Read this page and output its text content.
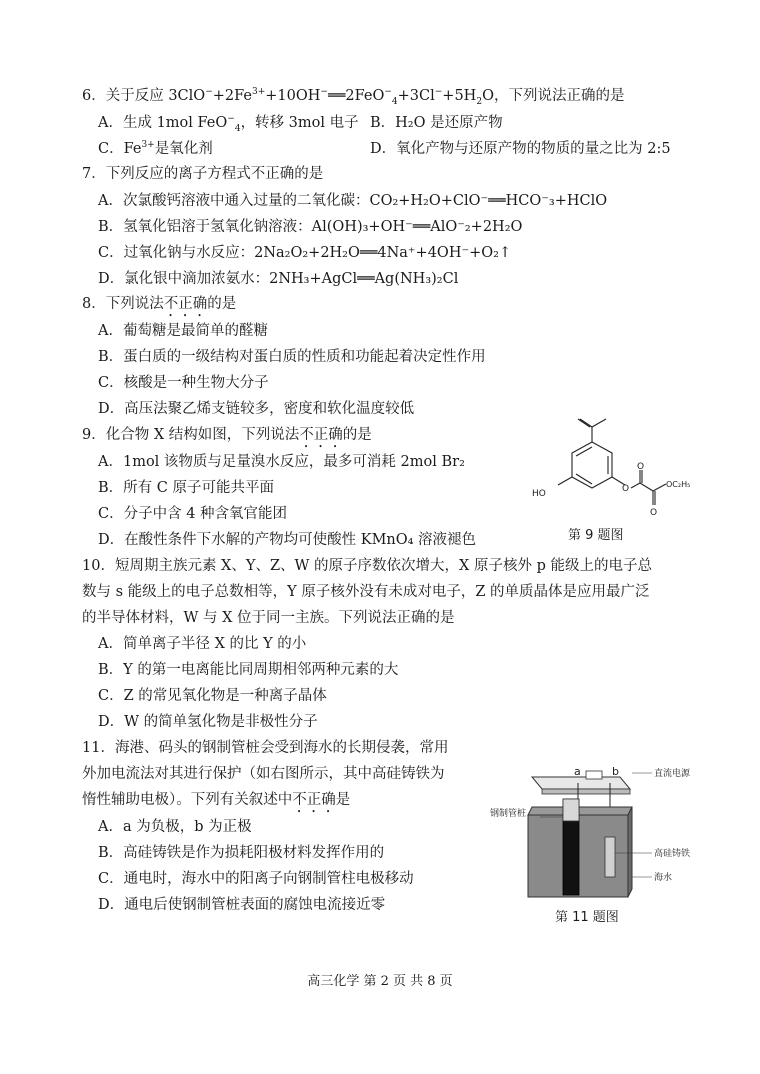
6．关于反应 $3ClO^-+2Fe^{3+}+10OH^-══2FeO^-_4+3Cl^-+5H_2O$，下列说法正确的是
A．生成 1mol FeO−$_4$，转移 3mol 电子 B．H₂O 是还原产物
C．$Fe^{3+}$是氧化剂	D．氧化产物与还原产物的物质的量之比为 2:5
7．下列反应的离子方程式不正确的是
A．次氯酸钙溶液中通入过量的二氧化碳：CO₂+H₂O+ClO⁻══HCO⁻₃+HClO
B．氢氧化铝溶于氢氧化钠溶液：Al(OH)₃+OH⁻══AlO⁻₂+2H₂O
C．过氧化钠与水反应：2Na₂O₂+2H₂O══4Na⁺+4OH⁻+O₂↑
D．氯化银中滴加浓氨水：2NH₃+AgCl══Ag(NH₃)₂Cl
8．下列说法不正确的是
A．葡萄糖是最简单的醛糖
B．蛋白质的一级结构对蛋白质的性质和功能起着决定性作用
C．核酸是一种生物大分子
D．高压法聚乙烯支链较多，密度和软化温度较低
9．化合物 X 结构如图，下列说法不正确的是
A．1mol 该物质与足量溴水反应，最多可消耗 2mol Br₂
B．所有 C 原子可能共平面
C．分子中含 4 种含氧官能团
D．在酸性条件下水解的产物均可使酸性 KMnO₄ 溶液褪色
O
O
O
OC₂H₅
HO
第 9 题图
10．短周期主族元素 X、Y、Z、W 的原子序数依次增大，X 原子核外 p 能级上的电子总
数与 s 能级上的电子总数相等，Y 原子核外没有未成对电子，Z 的单质晶体是应用最广泛
的半导体材料，W 与 X 位于同一主族。下列说法正确的是
A．简单离子半径 X 的比 Y 的小
B．Y 的第一电离能比同周期相邻两种元素的大
C．Z 的常见氧化物是一种离子晶体
D．W 的简单氢化物是非极性分子
11．海港、码头的钢制管桩会受到海水的长期侵袭，常用
外加电流法对其进行保护（如右图所示，其中高硅铸铁为
惰性辅助电极）。下列有关叙述中不正确是
A．a 为负极，b 为正极
B．高硅铸铁是作为损耗阳极材料发挥作用的
C．通电时，海水中的阳离子向钢制管柱电极移动
D．通电后使钢制管桩表面的腐蚀电流接近零
a	b	直流电源
钢制管桩
高硅铸铁
海水
第 11 题图
高三化学 第 2 页 共 8 页
